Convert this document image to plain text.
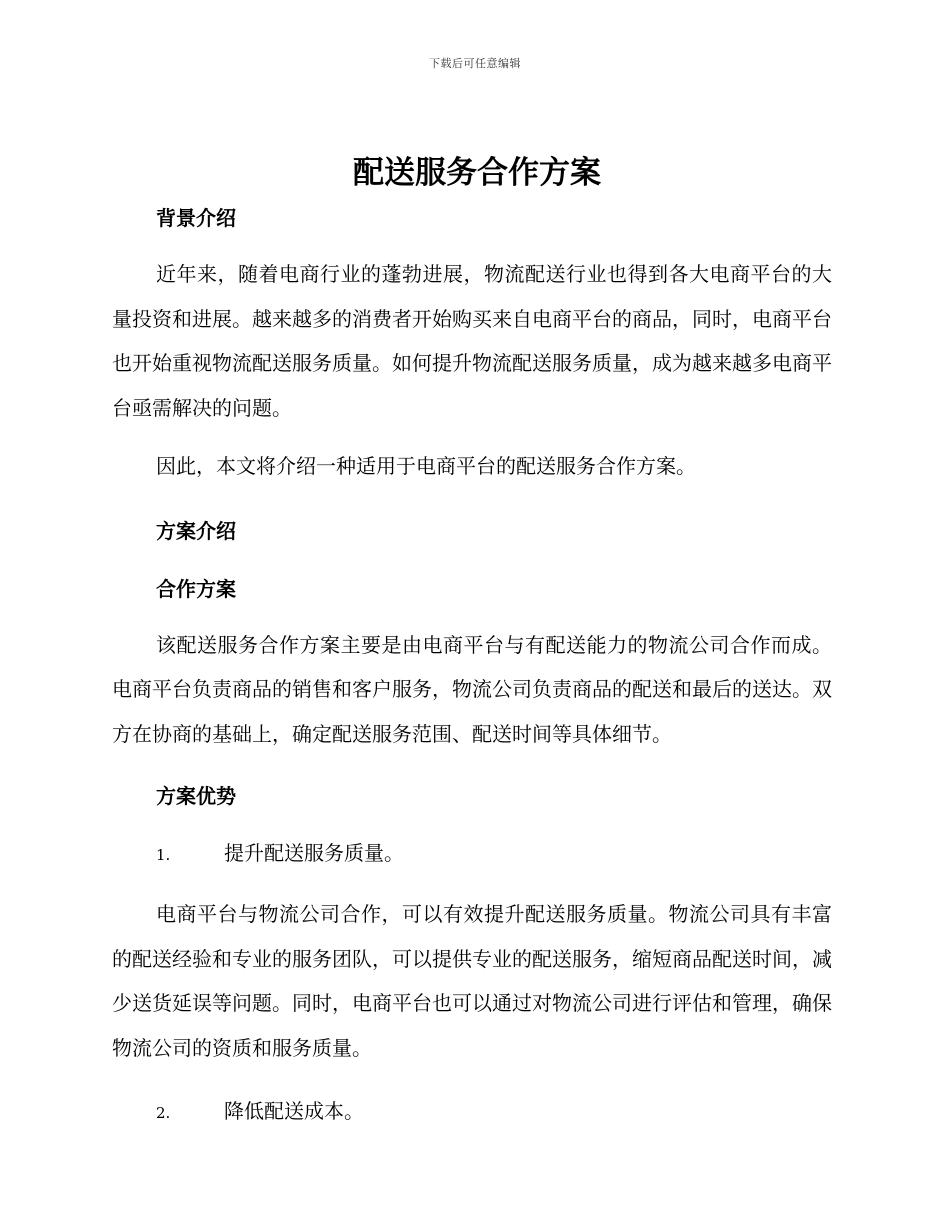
下载后可任意编辑
配送服务合作方案
背景介绍

近年来，随着电商行业的蓬勃进展，物流配送行业也得到各大电商平台的大量投资和进展。越来越多的消费者开始购买来自电商平台的商品，同时，电商平台也开始重视物流配送服务质量。如何提升物流配送服务质量，成为越来越多电商平台亟需解决的问题。

因此，本文将介绍一种适用于电商平台的配送服务合作方案。

方案介绍
合作方案

该配送服务合作方案主要是由电商平台与有配送能力的物流公司合作而成。电商平台负责商品的销售和客户服务，物流公司负责商品的配送和最后的送达。双方在协商的基础上，确定配送服务范围、配送时间等具体细节。

方案优势
1.	提升配送服务质量。

电商平台与物流公司合作，可以有效提升配送服务质量。物流公司具有丰富的配送经验和专业的服务团队，可以提供专业的配送服务，缩短商品配送时间，减少送货延误等问题。同时，电商平台也可以通过对物流公司进行评估和管理，确保物流公司的资质和服务质量。

2.	降低配送成本。
